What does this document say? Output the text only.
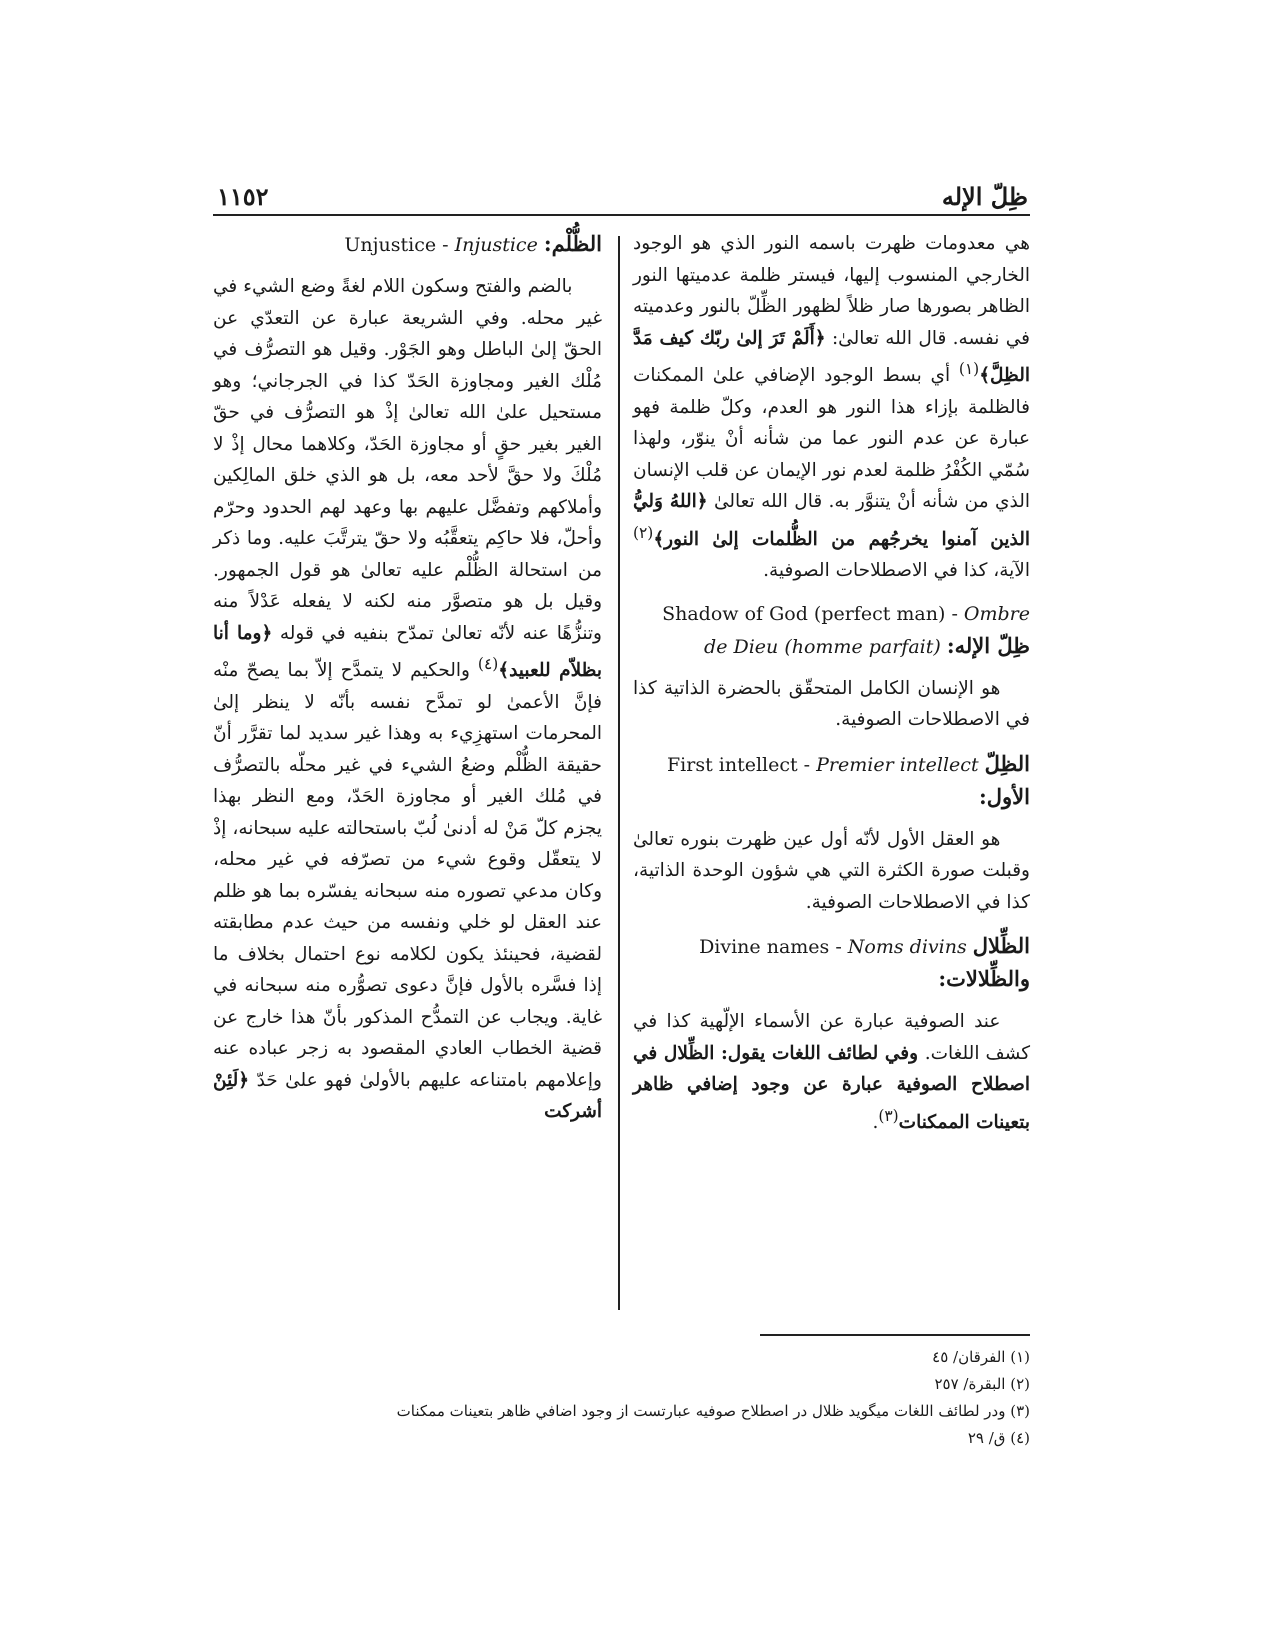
ظِلّ الإله
١١٥٢

هي معدومات ظهرت باسمه النور الذي هو الوجود الخارجي المنسوب إليها، فيستر ظلمة عدميتها النور الظاهر بصورها صار ظلاً لظهور الظِّلّ بالنور وعدميته في نفسه. قال الله تعالىٰ: ﴿أَلَمْ تَرَ إلىٰ ربّك كيف مَدَّ الظِلَّ﴾$^{(١)}$ أي بسط الوجود الإضافي علىٰ الممكنات فالظلمة بإزاء هذا النور هو العدم، وكلّ ظلمة فهو عبارة عن عدم النور عما من شأنه أنْ ينوّر، ولهذا سُمّي الكُفْرُ ظلمة لعدم نور الإيمان عن قلب الإنسان الذي من شأنه أنْ يتنوَّر به. قال الله تعالىٰ ﴿اللهُ وَليُّ الذين آمنوا يخرجُهم من الظُّلمات إلىٰ النور﴾$^{(٢)}$ الآية، كذا في الاصطلاحات الصوفية.

Shadow of God (perfect man) - Ombre de Dieu (homme parfait) ظِلّ الإله:

هو الإنسان الكامل المتحقّق بالحضرة الذاتية كذا في الاصطلاحات الصوفية.

First intellect - Premier intellect الظِلّ الأول:

هو العقل الأول لأنّه أول عين ظهرت بنوره تعالىٰ وقبلت صورة الكثرة التي هي شؤون الوحدة الذاتية، كذا في الاصطلاحات الصوفية.

Divine names - Noms divins الظِّلال والظِّلالات:

عند الصوفية عبارة عن الأسماء الإلّهية كذا في كشف اللغات. وفي لطائف اللغات يقول: الظِّلال في اصطلاح الصوفية عبارة عن وجود إضافي ظاهر بتعينات الممكنات$^{(٣)}$.

Unjustice - Injustice الظُّلْم:

بالضم والفتح وسكون اللام لغةً وضع الشيء في غير محله. وفي الشريعة عبارة عن التعدّي عن الحقّ إلىٰ الباطل وهو الجَوْر. وقيل هو التصرُّف في مُلْك الغير ومجاوزة الحَدّ كذا في الجرجاني؛ وهو مستحيل علىٰ الله تعالىٰ إذْ هو التصرُّف في حقّ الغير بغير حقٍ أو مجاوزة الحَدّ، وكلاهما محال إذْ لا مُلْكَ ولا حقَّ لأحد معه، بل هو الذي خلق المالِكين وأملاكهم وتفضَّل عليهم بها وعهد لهم الحدود وحرّم وأحلّ، فلا حاكِم يتعقَّبُه ولا حقّ يترتَّبَ عليه. وما ذكر من استحالة الظُّلْم عليه تعالىٰ هو قول الجمهور. وقيل بل هو متصوَّر منه لكنه لا يفعله عَدْلاً منه وتنزُّهًا عنه لأنّه تعالىٰ تمدّح بنفيه في قوله ﴿وما أنا بظلاّم للعبيد﴾$^{(٤)}$ والحكيم لا يتمدَّح إلاّ بما يصحّ منْه فإنَّ الأعمىٰ لو تمدَّح نفسه بأنّه لا ينظر إلىٰ المحرمات استهزِيء به وهذا غير سديد لما تقرَّر أنّ حقيقة الظُّلْم وضعُ الشيء في غير محلّه بالتصرُّف في مُلك الغير أو مجاوزة الحَدّ، ومع النظر بهذا يجزم كلّ مَنْ له أدنىٰ لُبّ باستحالته عليه سبحانه، إذْ لا يتعقّل وقوع شيء من تصرّفه في غير محله، وكان مدعي تصوره منه سبحانه يفسّره بما هو ظلم عند العقل لو خلي ونفسه من حيث عدم مطابقته لقضية، فحينئذ يكون لكلامه نوع احتمال بخلاف ما إذا فسَّره بالأول فإنَّ دعوى تصوُّره منه سبحانه في غاية. ويجاب عن التمدُّح المذكور بأنّ هذا خارج عن قضية الخطاب العادي المقصود به زجر عباده عنه وإعلامهم بامتناعه عليهم بالأولىٰ فهو علىٰ حَدّ ﴿لَئِنْ أشركت

(١) الفرقان/ ٤٥
(٢) البقرة/ ٢٥٧
(٣) ودر لطائف اللغات ميگويد ظلال در اصطلاح صوفيه عبارتست از وجود اضافي ظاهر بتعينات ممكنات
(٤) ق/ ٢٩
